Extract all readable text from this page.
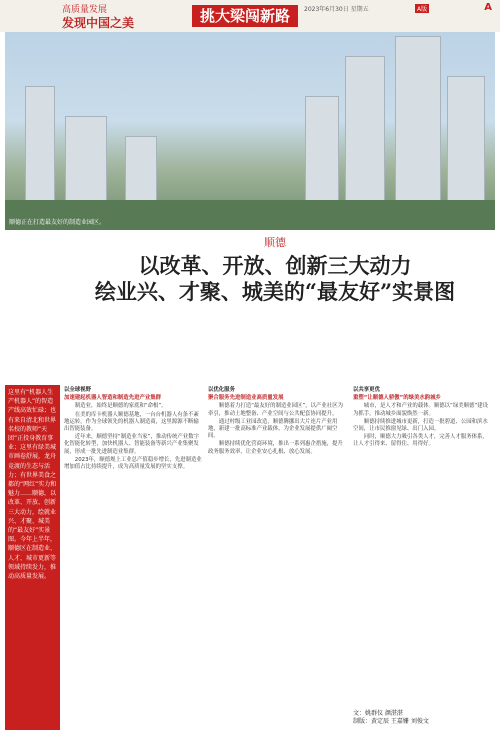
高质量发展
发现中国之美	挑大梁闯新路	2023年6月30日 星期五	A版	A
顺德正在打造最友好的制造业园区。
顺德
以改革、开放、创新三大动力
绘业兴、才聚、城美的“最友好”实景图
这里有“机器人生产机器人”的智造产线高效忙碌；也有来自清北和世界名校的教师“天团”正投身教育事业；这里有绿美城市画卷舒展，龙舟竞渡的生态与活力；有世界美食之都的“网红”实力和魅力……顺德，以改革、开放、创新三大动力，绘就业兴、才聚、城美的“最友好”实景图。今年上半年，顺德区在制造业、人才、城市更新等领域持续发力，推动高质量发展。

以全球视野

加速建起机器人智造和制造先进产业集群

制造业，始终是顺德的家底和“命根”。

在美的库卡机器人顺德基地，一台台机器人有条不紊地运转。作为全球领先的机器人制造商，这里源源不断输出智能装备。

近年来，顺德坚持“制造业当家”，推动传统产业数字化智能化转型，加快机器人、智能装备等新兴产业集聚发展，形成一批先进制造业集群。

2023年，顺德规上工业总产值稳步增长，先进制造业增加值占比持续提升，成为高质量发展的坚实支撑。

以优化服务

聚合服务先进制造业高质量发展

顺德着力打造“最友好的制造业园区”，以产业社区为牵引，推动土地整备、产业空间与公共配套协同提升。

通过村级工业园改造，顺德腾挪出大片连片产业用地，新建一批高标准产业载体，为企业发展提供广阔空间。

顺德持续优化营商环境，推出一系列惠企措施，提升政务服务效率，让企业安心扎根、放心发展。

以共享更优

重塑“让顺德人骄傲”的绿美水韵城乡

城市，是人才和产业的载体。顺德以“绿美顺德”建设为抓手，推动城乡面貌焕然一新。

顺德持续推进城市更新，打造一批碧道、公园和滨水空间，让市民推窗见绿、出门入园。

同时，顺德大力吸引各类人才，完善人才服务体系，让人才引得来、留得住、用得好。

文：姚群仪 颜湛湛
制版：黄定辰 王嘉姗 刘俊文
